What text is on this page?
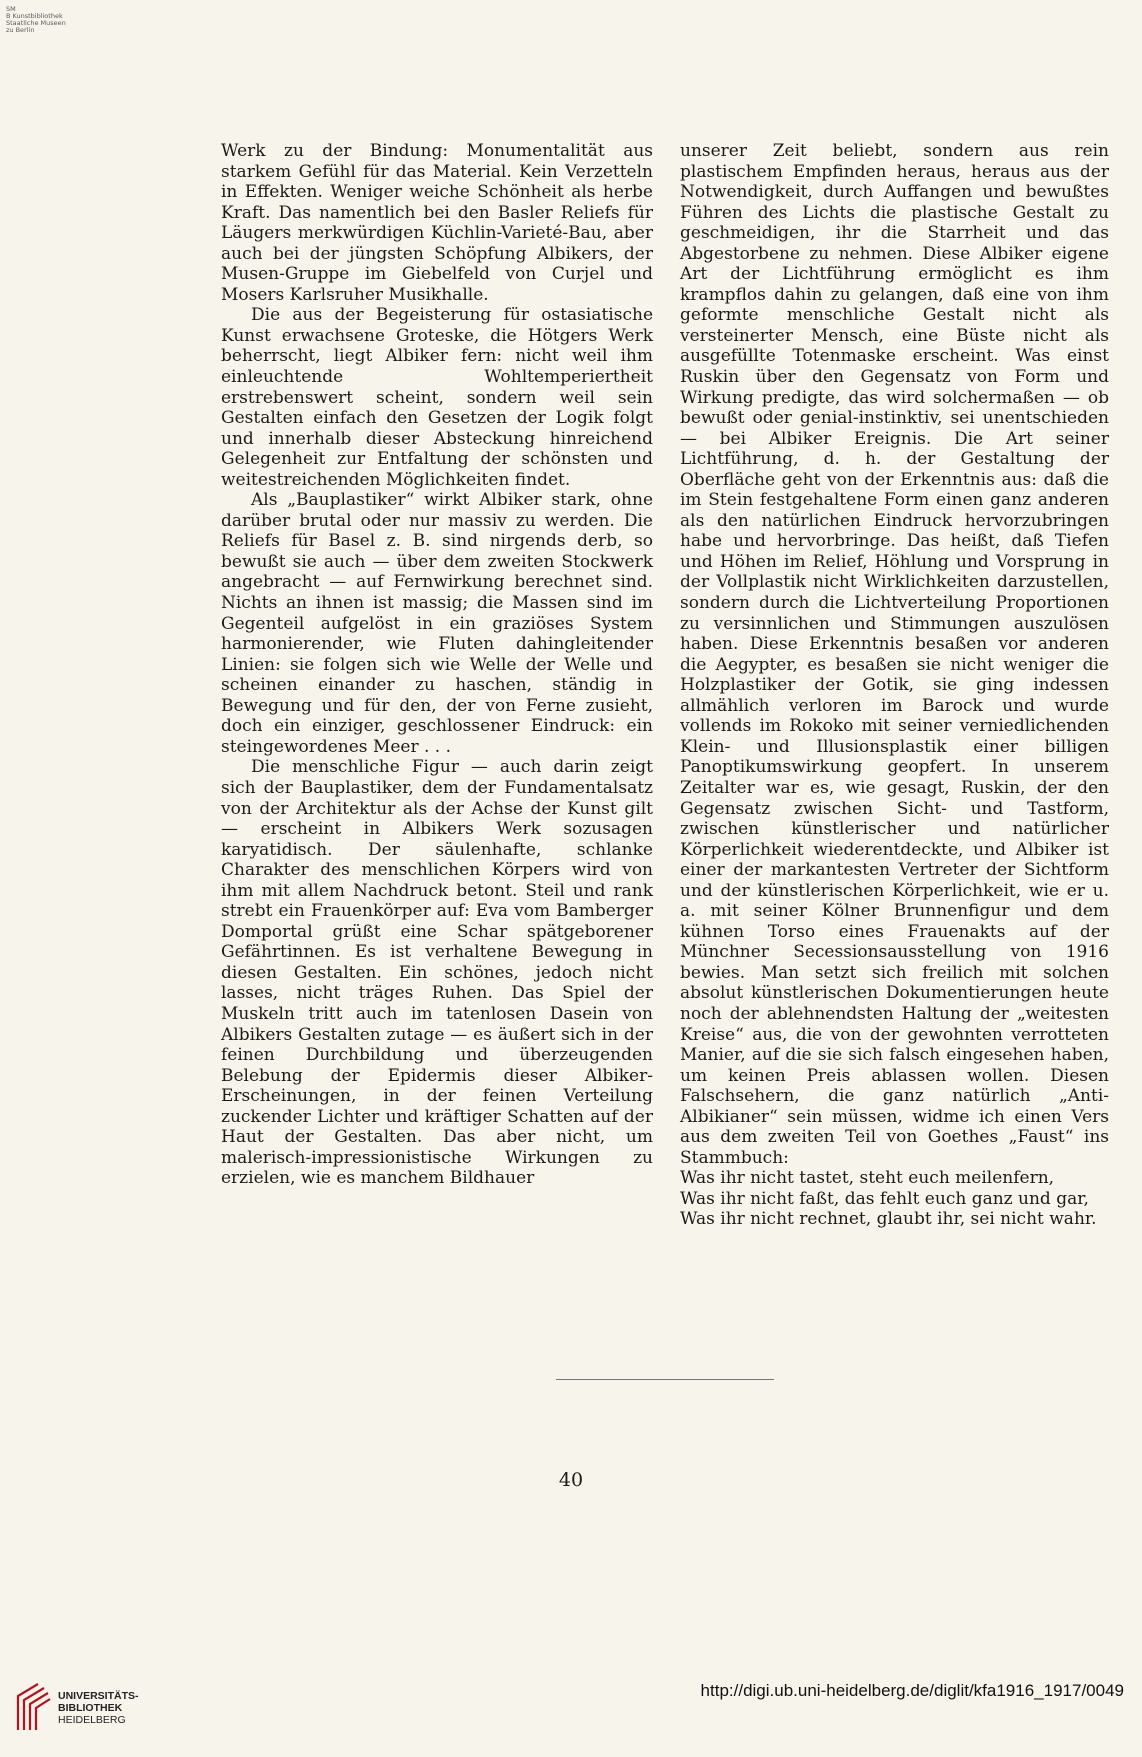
SM
B Kunstbibliothek
Staatliche Museen
zu Berlin

Werk zu der Bindung: Monumentalität aus starkem Gefühl für das Material. Kein Verzetteln in Effekten. Weniger weiche Schönheit als herbe Kraft. Das namentlich bei den Basler Reliefs für Läugers merkwürdigen Küchlin-Varieté-Bau, aber auch bei der jüngsten Schöpfung Albikers, der Musen-Gruppe im Giebelfeld von Curjel und Mosers Karlsruher Musikhalle.

Die aus der Begeisterung für ostasiatische Kunst erwachsene Groteske, die Hötgers Werk beherrscht, liegt Albiker fern: nicht weil ihm einleuchtende Wohltemperiertheit erstrebenswert scheint, sondern weil sein Gestalten einfach den Gesetzen der Logik folgt und innerhalb dieser Absteckung hinreichend Gelegenheit zur Entfaltung der schönsten und weitestreichenden Möglichkeiten findet.

Als „Bauplastiker“ wirkt Albiker stark, ohne darüber brutal oder nur massiv zu werden. Die Reliefs für Basel z. B. sind nirgends derb, so bewußt sie auch — über dem zweiten Stockwerk angebracht — auf Fernwirkung berechnet sind. Nichts an ihnen ist massig; die Massen sind im Gegenteil aufgelöst in ein graziöses System harmonierender, wie Fluten dahingleitender Linien: sie folgen sich wie Welle der Welle und scheinen einander zu haschen, ständig in Bewegung und für den, der von Ferne zusieht, doch ein einziger, geschlossener Eindruck: ein steingewordenes Meer . . .

Die menschliche Figur — auch darin zeigt sich der Bauplastiker, dem der Fundamentalsatz von der Architektur als der Achse der Kunst gilt — erscheint in Albikers Werk sozusagen karyatidisch. Der säulenhafte, schlanke Charakter des menschlichen Körpers wird von ihm mit allem Nachdruck betont. Steil und rank strebt ein Frauenkörper auf: Eva vom Bamberger Domportal grüßt eine Schar spätgeborener Gefährtinnen. Es ist verhaltene Bewegung in diesen Gestalten. Ein schönes, jedoch nicht lasses, nicht träges Ruhen. Das Spiel der Muskeln tritt auch im tatenlosen Dasein von Albikers Gestalten zutage — es äußert sich in der feinen Durchbildung und überzeugenden Belebung der Epidermis dieser Albiker-Erscheinungen, in der feinen Verteilung zuckender Lichter und kräftiger Schatten auf der Haut der Gestalten. Das aber nicht, um malerisch-impressionistische Wirkungen zu erzielen, wie es manchem Bildhauer

unserer Zeit beliebt, sondern aus rein plastischem Empfinden heraus, heraus aus der Notwendigkeit, durch Auffangen und bewußtes Führen des Lichts die plastische Gestalt zu geschmeidigen, ihr die Starrheit und das Abgestorbene zu nehmen. Diese Albiker eigene Art der Lichtführung ermöglicht es ihm krampflos dahin zu gelangen, daß eine von ihm geformte menschliche Gestalt nicht als versteinerter Mensch, eine Büste nicht als ausgefüllte Totenmaske erscheint. Was einst Ruskin über den Gegensatz von Form und Wirkung predigte, das wird solchermaßen — ob bewußt oder genial-instinktiv, sei unentschieden — bei Albiker Ereignis. Die Art seiner Lichtführung, d. h. der Gestaltung der Oberfläche geht von der Erkenntnis aus: daß die im Stein festgehaltene Form einen ganz anderen als den natürlichen Eindruck hervorzubringen habe und hervorbringe. Das heißt, daß Tiefen und Höhen im Relief, Höhlung und Vorsprung in der Vollplastik nicht Wirklichkeiten darzustellen, sondern durch die Lichtverteilung Proportionen zu versinnlichen und Stimmungen auszulösen haben. Diese Erkenntnis besaßen vor anderen die Aegypter, es besaßen sie nicht weniger die Holzplastiker der Gotik, sie ging indessen allmählich verloren im Barock und wurde vollends im Rokoko mit seiner verniedlichenden Klein- und Illusionsplastik einer billigen Panoptikumswirkung geopfert. In unserem Zeitalter war es, wie gesagt, Ruskin, der den Gegensatz zwischen Sicht- und Tastform, zwischen künstlerischer und natürlicher Körperlichkeit wiederentdeckte, und Albiker ist einer der markantesten Vertreter der Sichtform und der künstlerischen Körperlichkeit, wie er u. a. mit seiner Kölner Brunnenfigur und dem kühnen Torso eines Frauenakts auf der Münchner Secessionsausstellung von 1916 bewies. Man setzt sich freilich mit solchen absolut künstlerischen Dokumentierungen heute noch der ablehnendsten Haltung der „weitesten Kreise“ aus, die von der gewohnten verrotteten Manier, auf die sie sich falsch eingesehen haben, um keinen Preis ablassen wollen. Diesen Falschsehern, die ganz natürlich „Anti-Albikianer“ sein müssen, widme ich einen Vers aus dem zweiten Teil von Goethes „Faust“ ins Stammbuch:

Was ihr nicht tastet, steht euch meilenfern,

Was ihr nicht faßt, das fehlt euch ganz und gar,

Was ihr nicht rechnet, glaubt ihr, sei nicht wahr.

40
UNIVERSITÄTS-
BIBLIOTHEK
HEIDELBERG
http://digi.ub.uni-heidelberg.de/diglit/kfa1916_1917/0049
